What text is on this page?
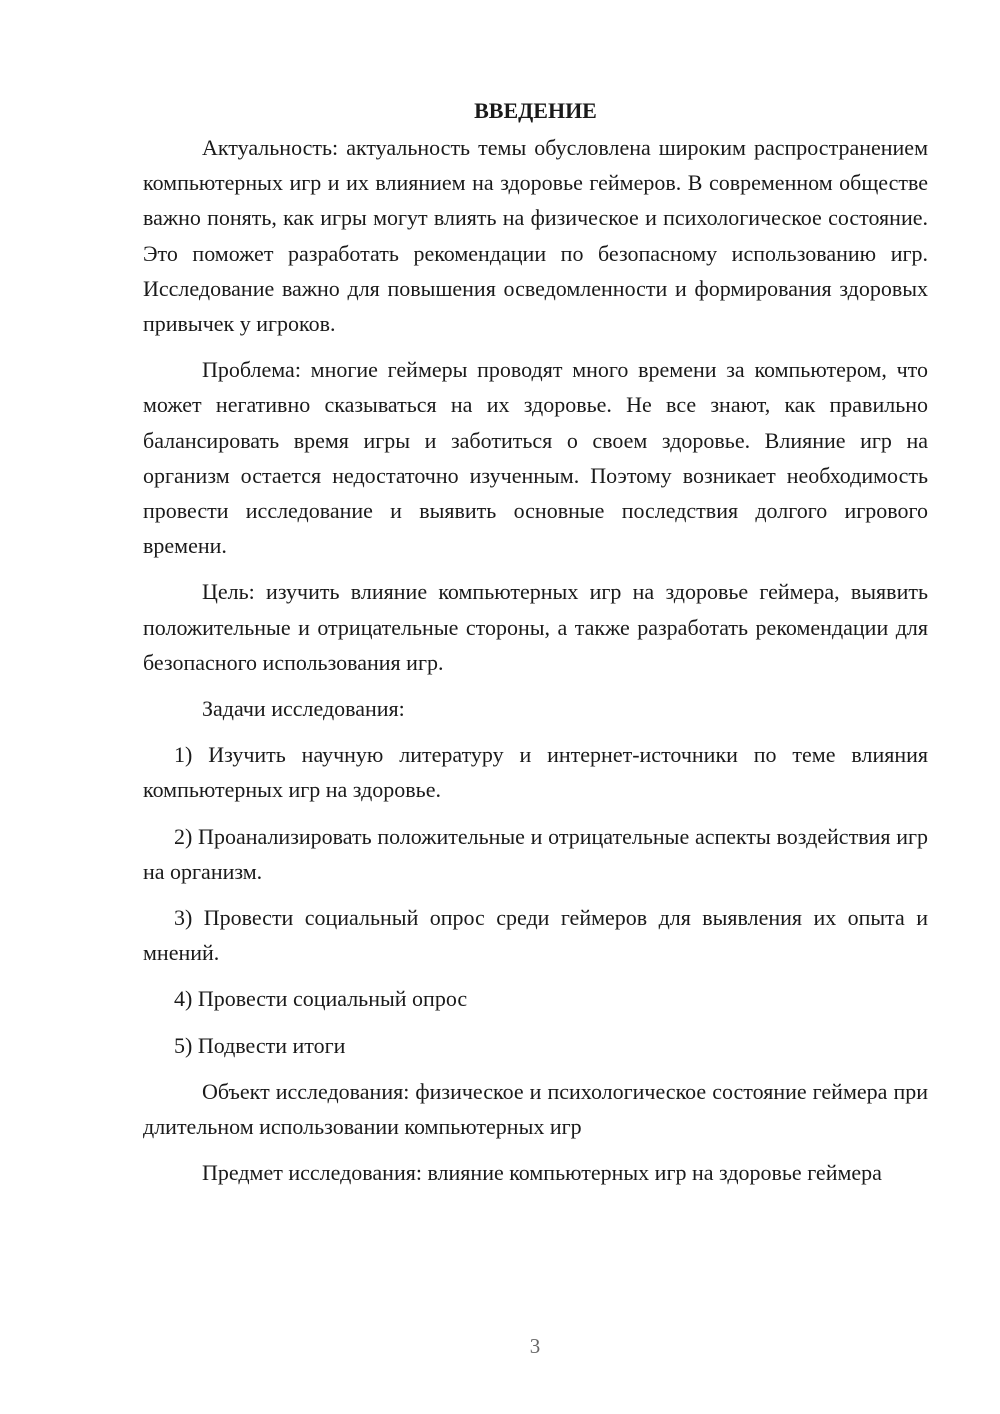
ВВЕДЕНИЕ

Актуальность: актуальность темы обусловлена широким распространением компьютерных игр и их влиянием на здоровье геймеров. В современном обществе важно понять, как игры могут влиять на физическое и психологическое состояние. Это поможет разработать рекомендации по безопасному использованию игр. Исследование важно для повышения осведомленности и формирования здоровых привычек у игроков.

Проблема: многие геймеры проводят много времени за компьютером, что может негативно сказываться на их здоровье. Не все знают, как правильно балансировать время игры и заботиться о своем здоровье. Влияние игр на организм остается недостаточно изученным. Поэтому возникает необходимость провести исследование и выявить основные последствия долгого игрового времени.

Цель: изучить влияние компьютерных игр на здоровье геймера, выявить положительные и отрицательные стороны, а также разработать рекомендации для безопасного использования игр.

Задачи исследования:

1) Изучить научную литературу и интернет-источники по теме влияния компьютерных игр на здоровье.

2) Проанализировать положительные и отрицательные аспекты воздействия игр на организм.

3) Провести социальный опрос среди геймеров для выявления их опыта и мнений.

4) Провести социальный опрос

5) Подвести итоги

Объект исследования: физическое и психологическое состояние геймера при длительном использовании компьютерных игр

Предмет исследования: влияние компьютерных игр на здоровье геймера

3
